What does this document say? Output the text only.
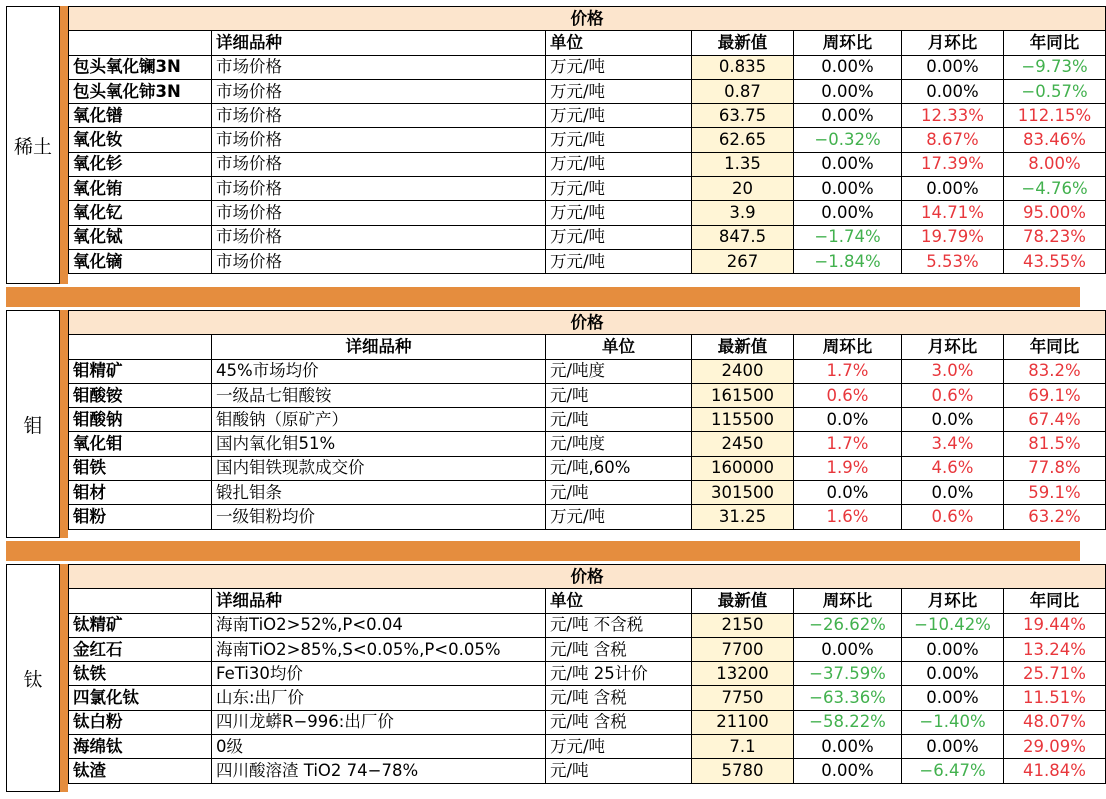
稀土
价格						
	详细品种	单位	最新值	周环比	月环比	年同比
包头氧化镧3N	市场价格	万元/吨	0.835	0.00%	0.00%	−9.73%
包头氧化铈3N	市场价格	万元/吨	0.87	0.00%	0.00%	−0.57%
氧化镨	市场价格	万元/吨	63.75	0.00%	12.33%	112.15%
氧化钕	市场价格	万元/吨	62.65	−0.32%	8.67%	83.46%
氧化钐	市场价格	万元/吨	1.35	0.00%	17.39%	8.00%
氧化铕	市场价格	万元/吨	20	0.00%	0.00%	−4.76%
氧化钇	市场价格	万元/吨	3.9	0.00%	14.71%	95.00%
氧化铽	市场价格	万元/吨	847.5	−1.74%	19.79%	78.23%
氧化镝	市场价格	万元/吨	267	−1.84%	5.53%	43.55%
钼
价格						
	详细品种	单位	最新值	周环比	月环比	年同比
钼精矿	45%市场均价	元/吨度	2400	1.7%	3.0%	83.2%
钼酸铵	一级品七钼酸铵	元/吨	161500	0.6%	0.6%	69.1%
钼酸钠	钼酸钠（原矿产）	元/吨	115500	0.0%	0.0%	67.4%
氧化钼	国内氧化钼51%	元/吨度	2450	1.7%	3.4%	81.5%
钼铁	国内钼铁现款成交价	元/吨,60%	160000	1.9%	4.6%	77.8%
钼材	锻扎钼条	元/吨	301500	0.0%	0.0%	59.1%
钼粉	一级钼粉均价	万元/吨	31.25	1.6%	0.6%	63.2%
钛
价格						
	详细品种	单位	最新值	周环比	月环比	年同比
钛精矿	海南TiO2>52%,P<0.04	元/吨 不含税	2150	−26.62%	−10.42%	19.44%
金红石	海南TiO2>85%,S<0.05%,P<0.05%	元/吨 含税	7700	0.00%	0.00%	13.24%
钛铁	FeTi30均价	元/吨 25计价	13200	−37.59%	0.00%	25.71%
四氯化钛	山东:出厂价	元/吨 含税	7750	−63.36%	0.00%	11.51%
钛白粉	四川龙蟒R−996:出厂价	元/吨 含税	21100	−58.22%	−1.40%	48.07%
海绵钛	0级	万元/吨	7.1	0.00%	0.00%	29.09%
钛渣	四川酸溶渣 TiO2 74−78%	元/吨	5780	0.00%	−6.47%	41.84%
